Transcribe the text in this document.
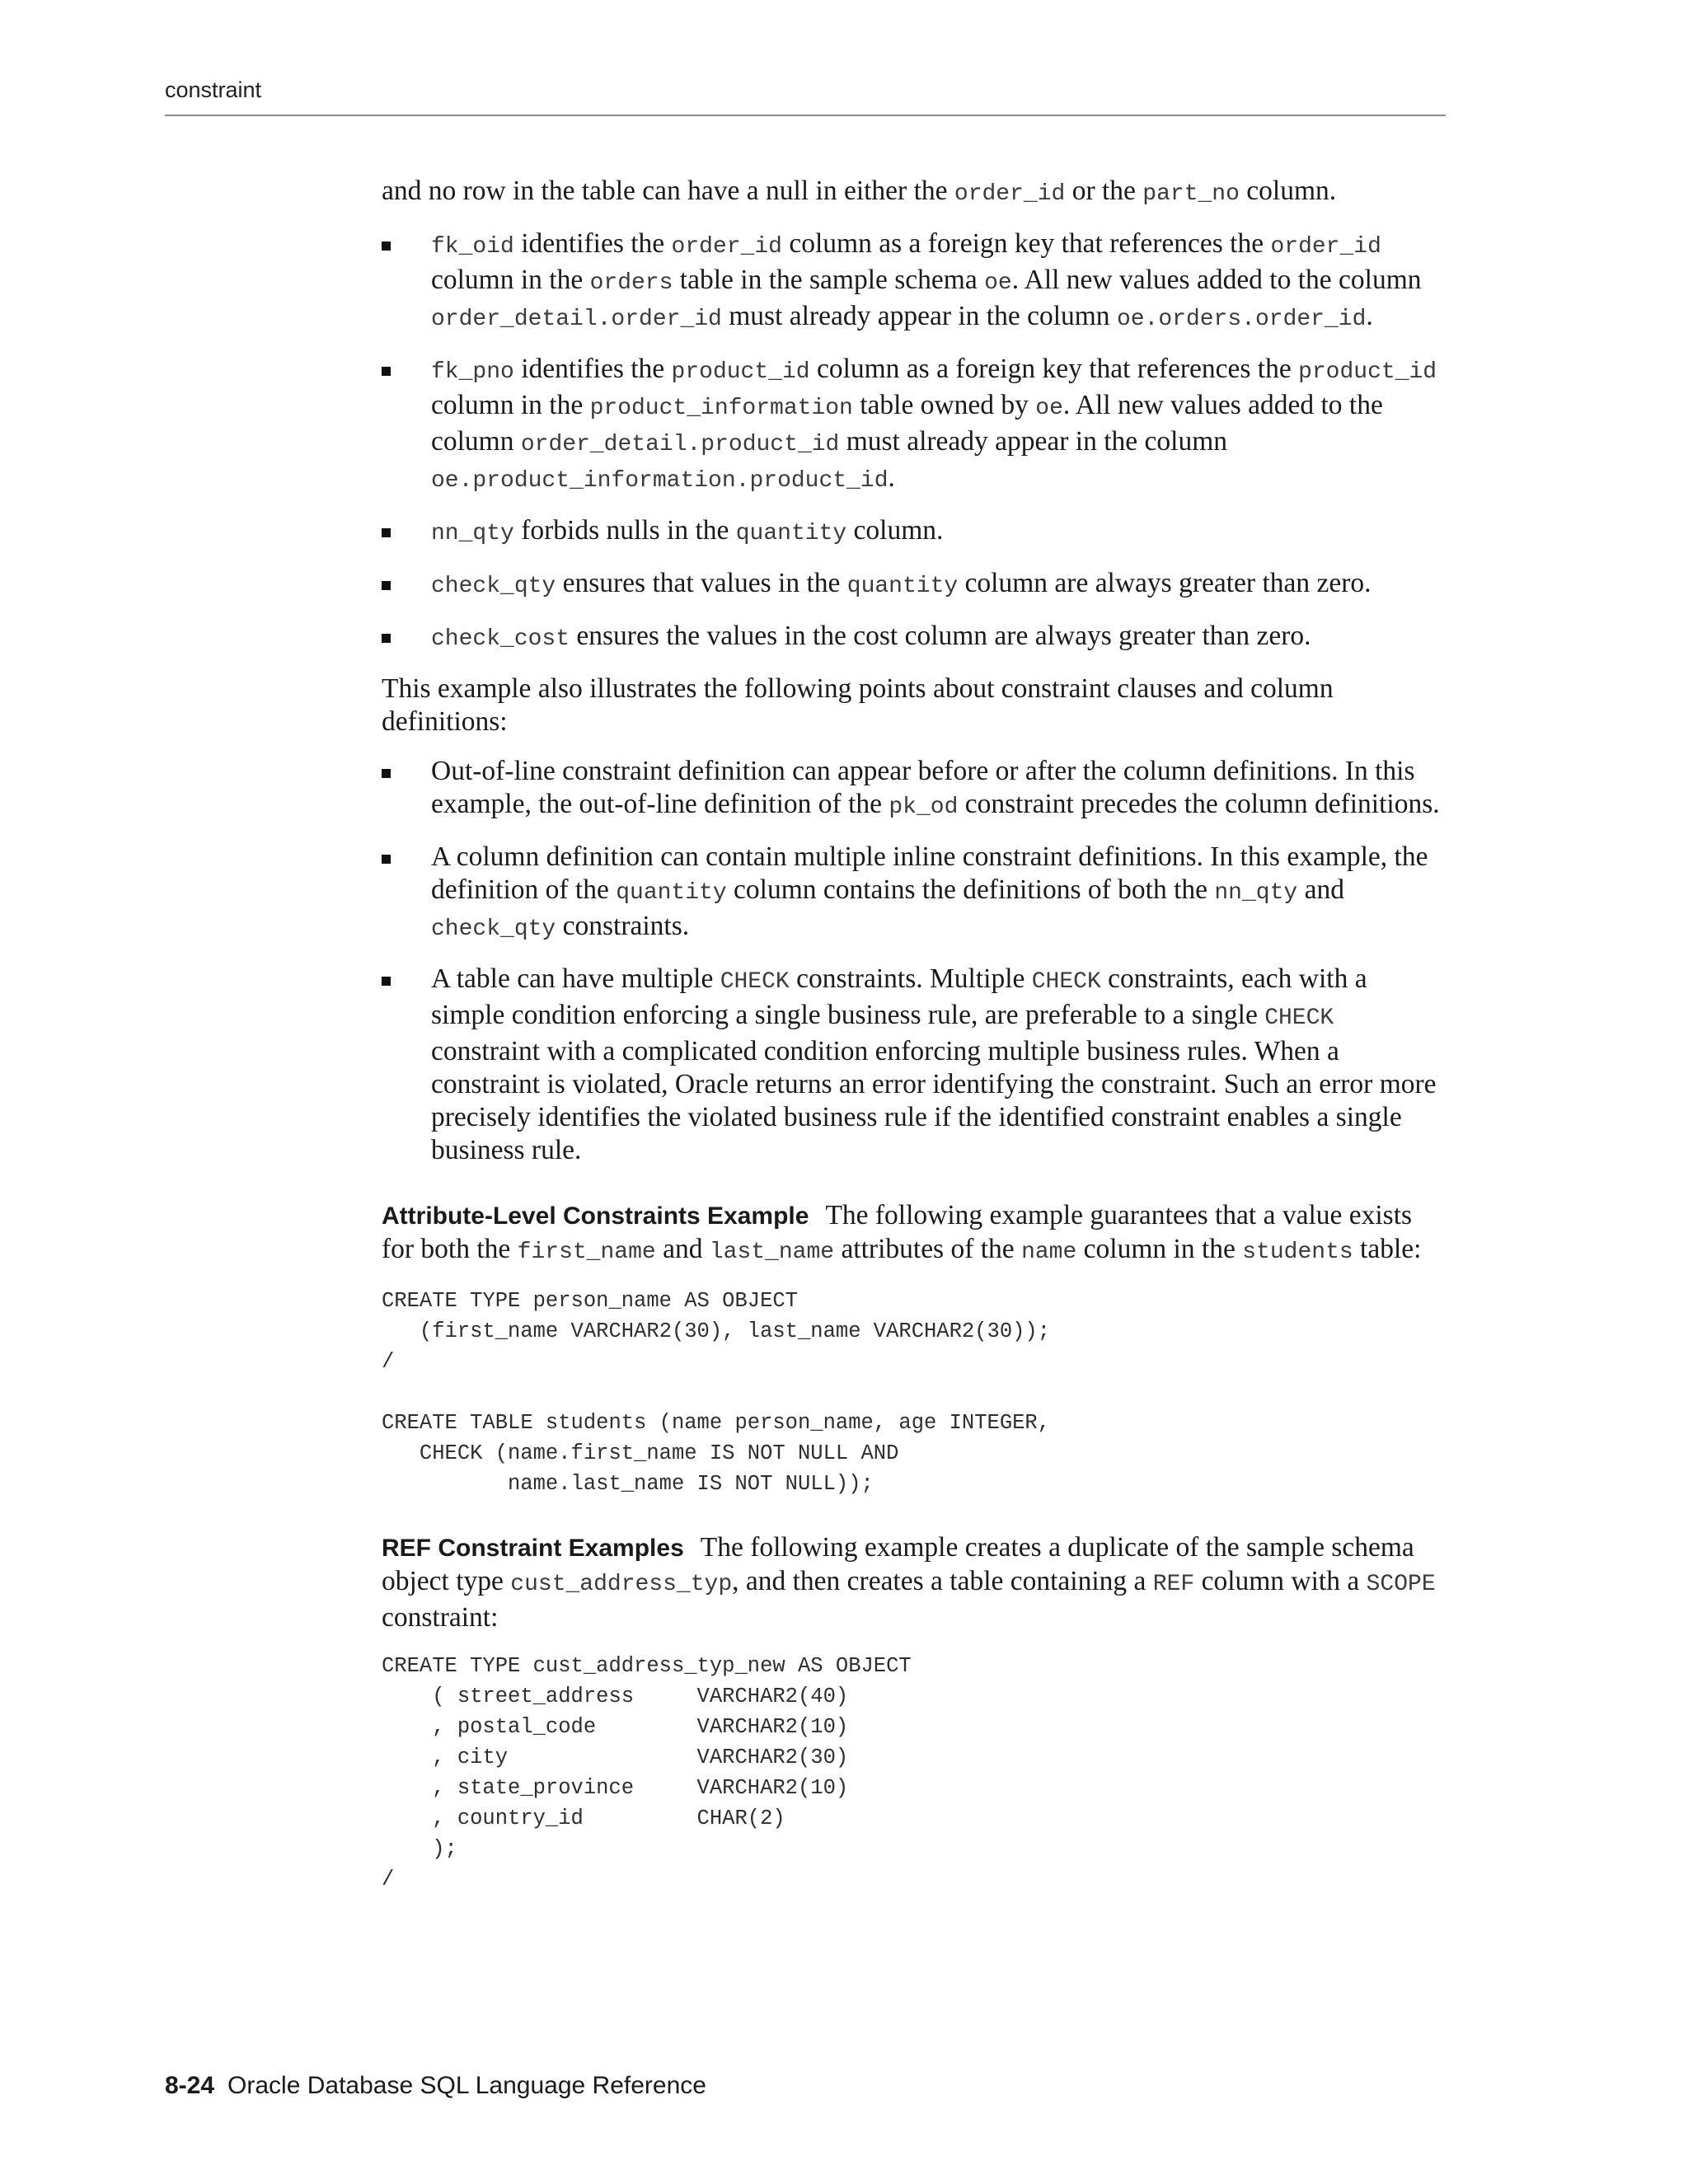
constraint

and no row in the table can have a null in either the order_id or the part_no column.

fk_oid identifies the order_id column as a foreign key that references the order_​id column in the orders table in the sample schema oe. All new values added to the column order_detail.order_id must already appear in the column oe.orders.order_id.
fk_pno identifies the product_id column as a foreign key that references the product_id column in the product_information table owned by oe. All new values added to the column order_detail.product_id must already appear in the column oe.product_information.product_id.
nn_qty forbids nulls in the quantity column.
check_qty ensures that values in the quantity column are always greater than zero.
check_cost ensures the values in the cost column are always greater than zero.

This example also illustrates the following points about constraint clauses and column definitions:

Out-of-line constraint definition can appear before or after the column definitions. In this example, the out-of-line definition of the pk_od constraint precedes the column definitions.
A column definition can contain multiple inline constraint definitions. In this example, the definition of the quantity column contains the definitions of both the nn_qty and check_qty constraints.
A table can have multiple CHECK constraints. Multiple CHECK constraints, each with a simple condition enforcing a single business rule, are preferable to a single CHECK constraint with a complicated condition enforcing multiple business rules. When a constraint is violated, Oracle returns an error identifying the constraint. Such an error more precisely identifies the violated business rule if the identified constraint enables a single business rule.

Attribute-Level Constraints Example The following example guarantees that a value exists for both the first_name and last_name attributes of the name column in the students table:

CREATE TYPE person_name AS OBJECT
(first_name VARCHAR2(30), last_name VARCHAR2(30));
/

CREATE TABLE students (name person_name, age INTEGER,
CHECK (name.first_name IS NOT NULL AND
name.last_name IS NOT NULL));

REF Constraint Examples The following example creates a duplicate of the sample schema object type cust_address_typ, and then creates a table containing a REF column with a SCOPE constraint:

CREATE TYPE cust_address_typ_new AS OBJECT
( street_address     VARCHAR2(40)
, postal_code        VARCHAR2(10)
, city               VARCHAR2(30)
, state_province     VARCHAR2(10)
, country_id         CHAR(2)
);
/
8-24 Oracle Database SQL Language Reference
